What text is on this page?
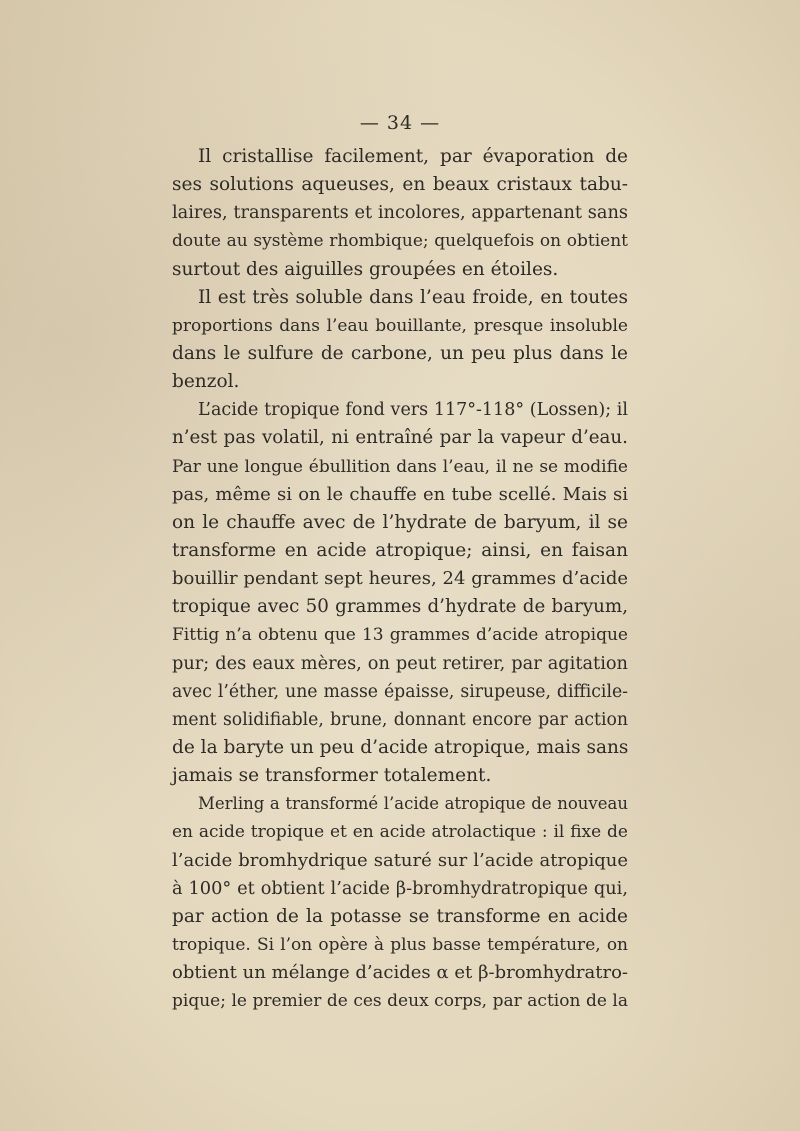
— 34 —
Il cristallise facilement, par évaporation de
ses solutions aqueuses, en beaux cristaux tabu-
laires, transparents et incolores, appartenant sans
doute au système rhombique; quelquefois on obtient
surtout des aiguilles groupées en étoiles.
Il est très soluble dans l’eau froide, en toutes
proportions dans l’eau bouillante, presque insoluble
dans le sulfure de carbone, un peu plus dans le
benzol.
L’acide tropique fond vers 117°-118° (Lossen); il
n’est pas volatil, ni entraîné par la vapeur d’eau.
Par une longue ébullition dans l’eau, il ne se modifie
pas, même si on le chauffe en tube scellé. Mais si
on le chauffe avec de l’hydrate de baryum, il se
transforme en acide atropique; ainsi, en faisan
bouillir pendant sept heures, 24 grammes d’acide
tropique avec 50 grammes d’hydrate de baryum,
Fittig n’a obtenu que 13 grammes d’acide atropique
pur; des eaux mères, on peut retirer, par agitation
avec l’éther, une masse épaisse, sirupeuse, difficile-
ment solidifiable, brune, donnant encore par action
de la baryte un peu d’acide atropique, mais sans
jamais se transformer totalement.
Merling a transformé l’acide atropique de nouveau
en acide tropique et en acide atrolactique : il fixe de
l’acide bromhydrique saturé sur l’acide atropique
à 100° et obtient l’acide β-bromhydratropique qui,
par action de la potasse se transforme en acide
tropique. Si l’on opère à plus basse température, on
obtient un mélange d’acides α et β-bromhydratro-
pique; le premier de ces deux corps, par action de la
